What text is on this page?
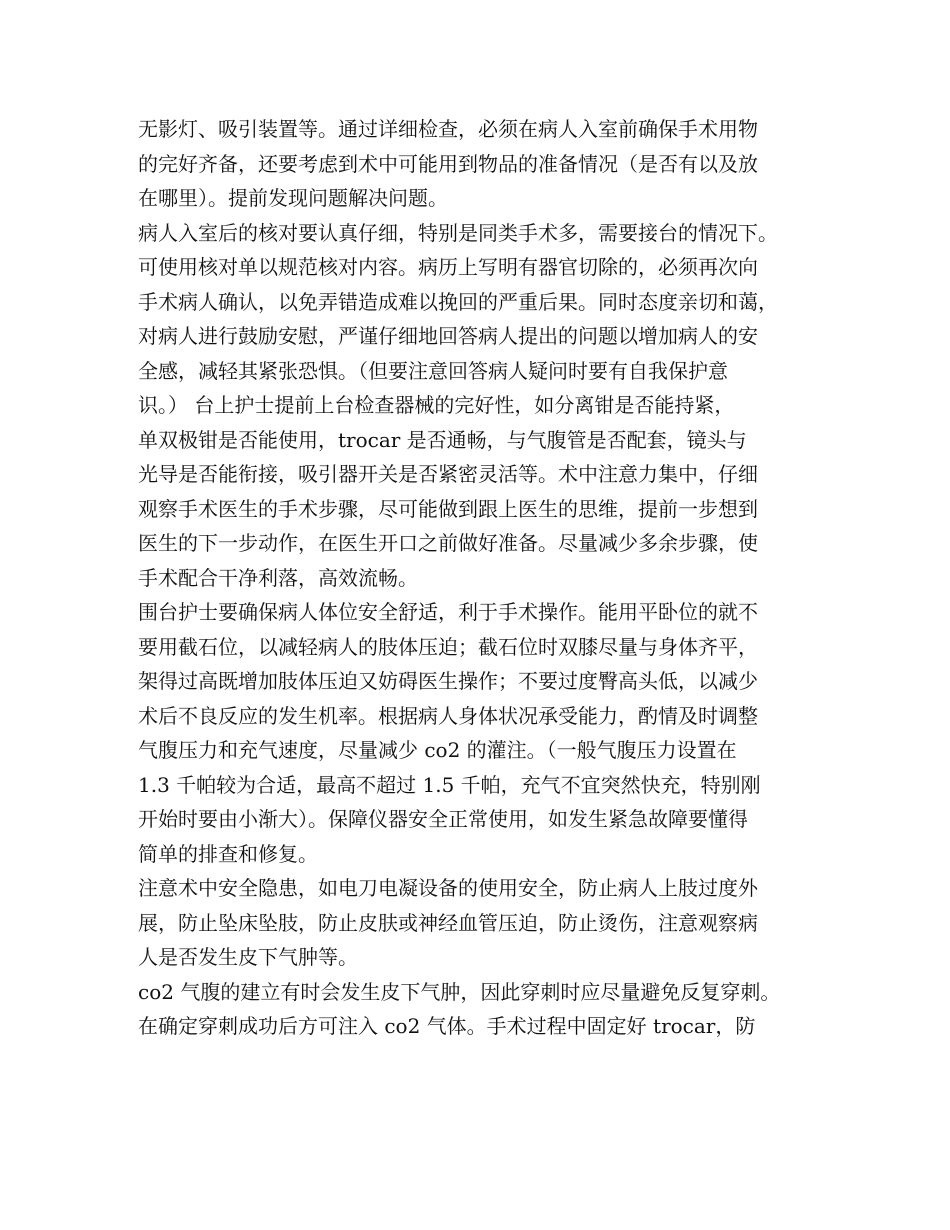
无影灯、吸引装置等。通过详细检查，必须在病人入室前确保手术用物
的完好齐备，还要考虑到术中可能用到物品的准备情况（是否有以及放
在哪里）。提前发现问题解决问题。
病人入室后的核对要认真仔细，特别是同类手术多，需要接台的情况下。
可使用核对单以规范核对内容。病历上写明有器官切除的，必须再次向
手术病人确认，以免弄错造成难以挽回的严重后果。同时态度亲切和蔼，
对病人进行鼓励安慰，严谨仔细地回答病人提出的问题以增加病人的安
全感，减轻其紧张恐惧。（但要注意回答病人疑问时要有自我保护意
识。） 台上护士提前上台检查器械的完好性，如分离钳是否能持紧，
单双极钳是否能使用，trocar 是否通畅，与气腹管是否配套，镜头与
光导是否能衔接，吸引器开关是否紧密灵活等。术中注意力集中，仔细
观察手术医生的手术步骤，尽可能做到跟上医生的思维，提前一步想到
医生的下一步动作，在医生开口之前做好准备。尽量减少多余步骤，使
手术配合干净利落，高效流畅。
围台护士要确保病人体位安全舒适，利于手术操作。能用平卧位的就不
要用截石位，以减轻病人的肢体压迫；截石位时双膝尽量与身体齐平，
架得过高既增加肢体压迫又妨碍医生操作；不要过度臀高头低，以减少
术后不良反应的发生机率。根据病人身体状况承受能力，酌情及时调整
气腹压力和充气速度，尽量减少 co2 的灌注。（一般气腹压力设置在
1.3 千帕较为合适，最高不超过 1.5 千帕，充气不宜突然快充，特别刚
开始时要由小渐大）。保障仪器安全正常使用，如发生紧急故障要懂得
简单的排查和修复。
注意术中安全隐患，如电刀电凝设备的使用安全，防止病人上肢过度外
展，防止坠床坠肢，防止皮肤或神经血管压迫，防止烫伤，注意观察病
人是否发生皮下气肿等。
co2 气腹的建立有时会发生皮下气肿，因此穿刺时应尽量避免反复穿刺。
在确定穿刺成功后方可注入 co2 气体。手术过程中固定好 trocar，防
